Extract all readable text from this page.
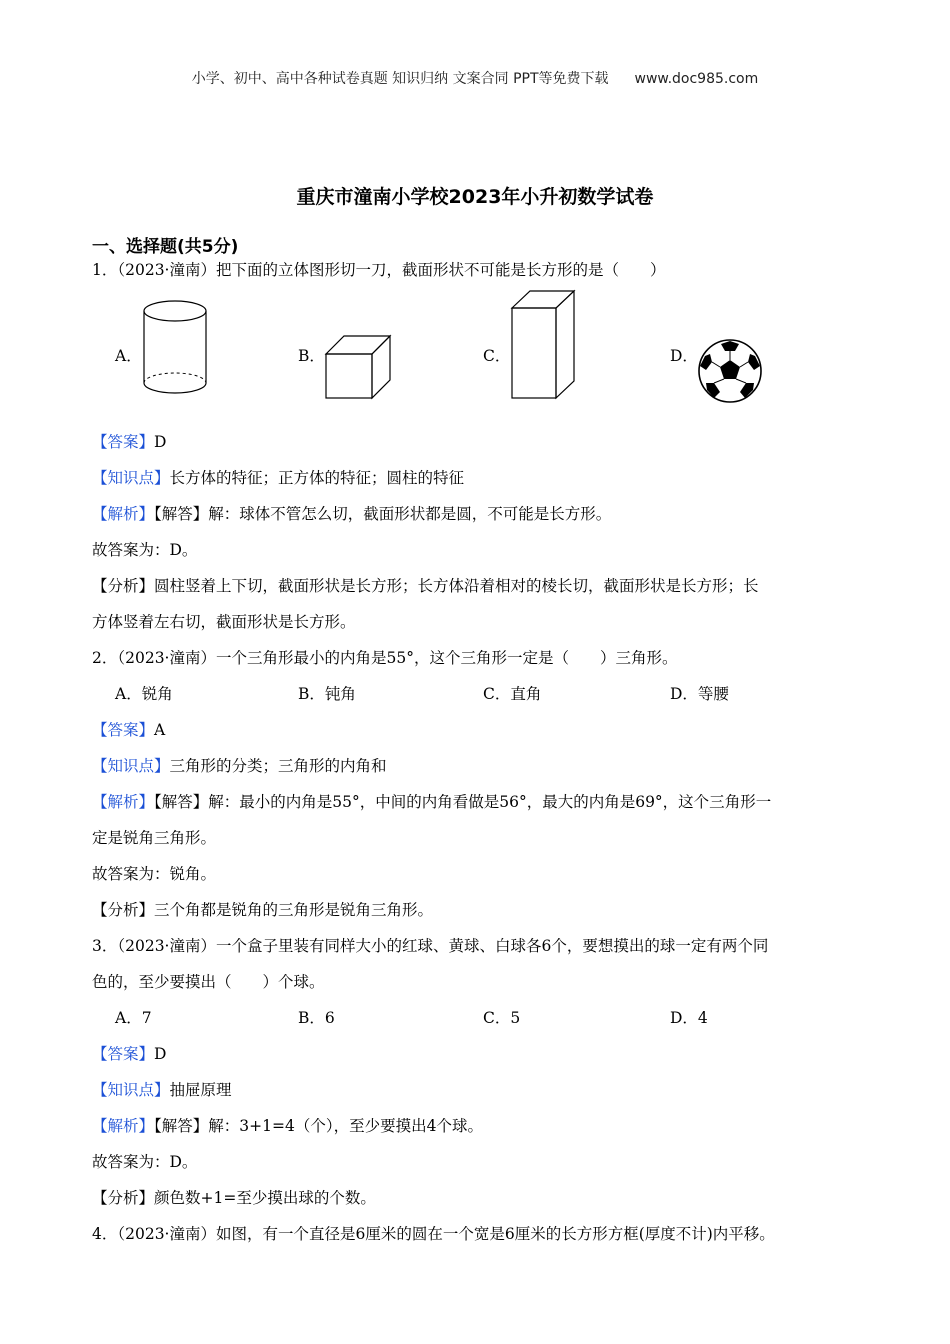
小学、初中、高中各种试卷真题 知识归纳 文案合同 PPT等免费下载 www.doc985.com
重庆市潼南小学校2023年小升初数学试卷
一、选择题(共5分)
1．（2023·潼南）把下面的立体图形切一刀，截面形状不可能是长方形的是（　　）
A．	B．	C．	D．
【答案】D
【知识点】长方体的特征；正方体的特征；圆柱的特征
【解析】【解答】解：球体不管怎么切，截面形状都是圆，不可能是长方形。
故答案为：D。
【分析】圆柱竖着上下切，截面形状是长方形；长方体沿着相对的棱长切，截面形状是长方形；长
方体竖着左右切，截面形状是长方形。
2．（2023·潼南）一个三角形最小的内角是55°，这个三角形一定是（　　）三角形。
A．锐角	B．钝角	C．直角	D．等腰
【答案】A
【知识点】三角形的分类；三角形的内角和
【解析】【解答】解：最小的内角是55°，中间的内角看做是56°，最大的内角是69°，这个三角形一
定是锐角三角形。
故答案为：锐角。
【分析】三个角都是锐角的三角形是锐角三角形。
3．（2023·潼南）一个盒子里装有同样大小的红球、黄球、白球各6个，要想摸出的球一定有两个同
色的，至少要摸出（　　）个球。
A．7	B．6	C．5	D．4
【答案】D
【知识点】抽屉原理
【解析】【解答】解：3+1=4（个），至少要摸出4个球。
故答案为：D。
【分析】颜色数+1=至少摸出球的个数。
4．（2023·潼南）如图，有一个直径是6厘米的圆在一个宽是6厘米的长方形方框(厚度不计)内平移。
